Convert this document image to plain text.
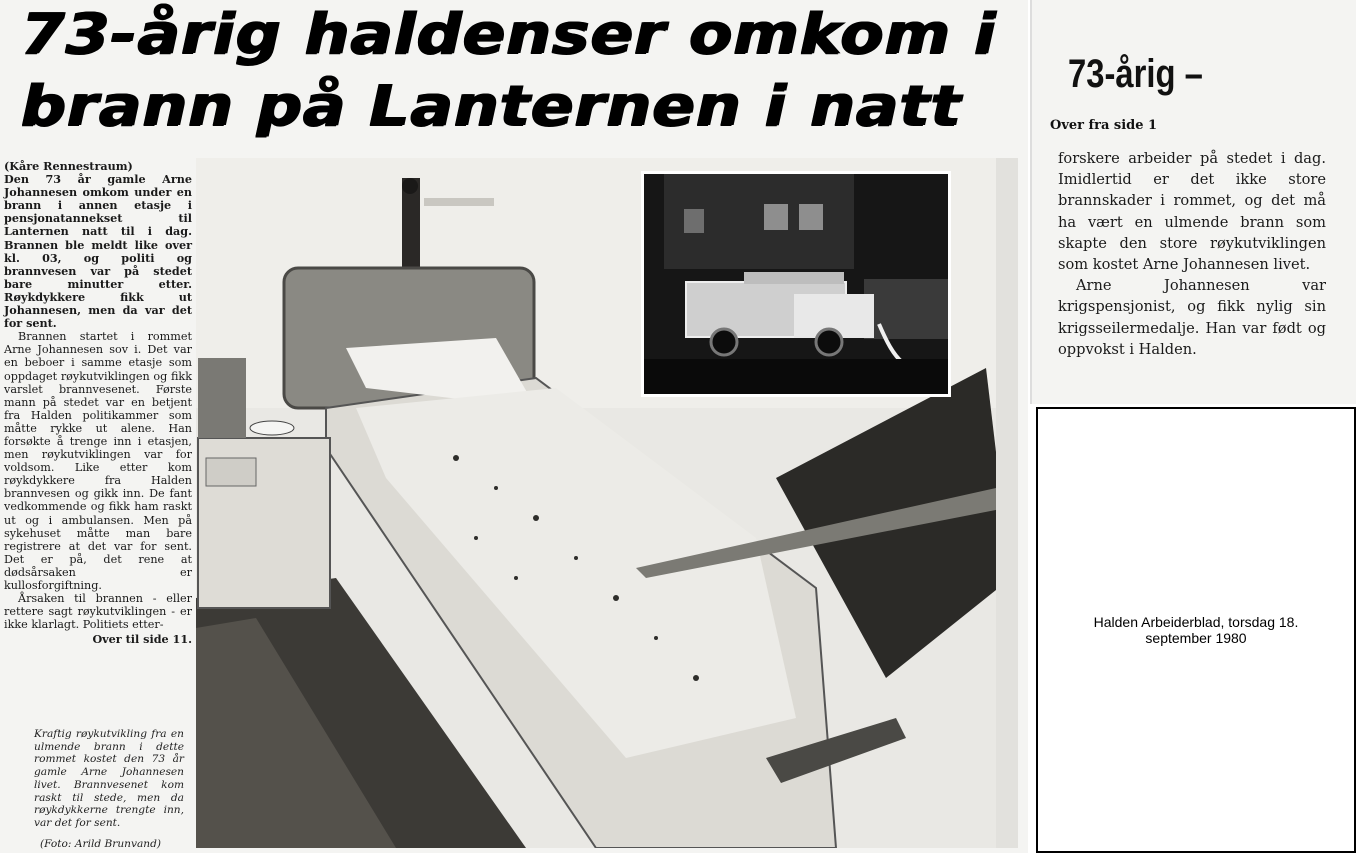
73-årig haldenser omkom i
brann på Lanternen i natt

(Kåre Rennestraum)

Den 73 år gamle Arne Johannesen omkom under en brann i annen etasje i pensjonatannekset til Lanternen natt til i dag. Brannen ble meldt like over kl. 03, og politi og brannvesen var på stedet bare minutter etter. Røykdykkere fikk ut Johannesen, men da var det for sent.

Brannen startet i rommet Arne Johannesen sov i. Det var en beboer i samme etasje som oppdaget røykutviklingen og fikk varslet brannvesenet. Første mann på stedet var en betjent fra Halden politikammer som måtte rykke ut alene. Han forsøkte å trenge inn i etasjen, men røykutviklingen var for voldsom. Like etter kom røykdykkere fra Halden brannvesen og gikk inn. De fant vedkommende og fikk ham raskt ut og i ambulansen. Men på sykehuset måtte man bare registrere at det var for sent. Det er på, det rene at dødsårsaken er kullosforgiftning.

Årsaken til brannen - eller rettere sagt røykutviklingen - er ikke klarlagt. Politiets etter-

Over til side 11.

Kraftig røykutvikling fra en ulmende brann i dette rommet kostet den 73 år gamle Arne Johannesen livet. Brannvesenet kom raskt til stede, men da røykdykkerne trengte inn, var det for sent.
(Foto: Arild Brunvand)
73-årig –
Over fra side 1

forskere arbeider på stedet i dag. Imidlertid er det ikke store brannskader i rommet, og det må ha vært en ulmende brann som skapte den store røykutviklingen som kostet Arne Johannesen livet.

Arne Johannesen var krigspensjonist, og fikk nylig sin krigsseilermedalje. Han var født og oppvokst i Halden.

Halden Arbeiderblad, torsdag 18. september 1980
